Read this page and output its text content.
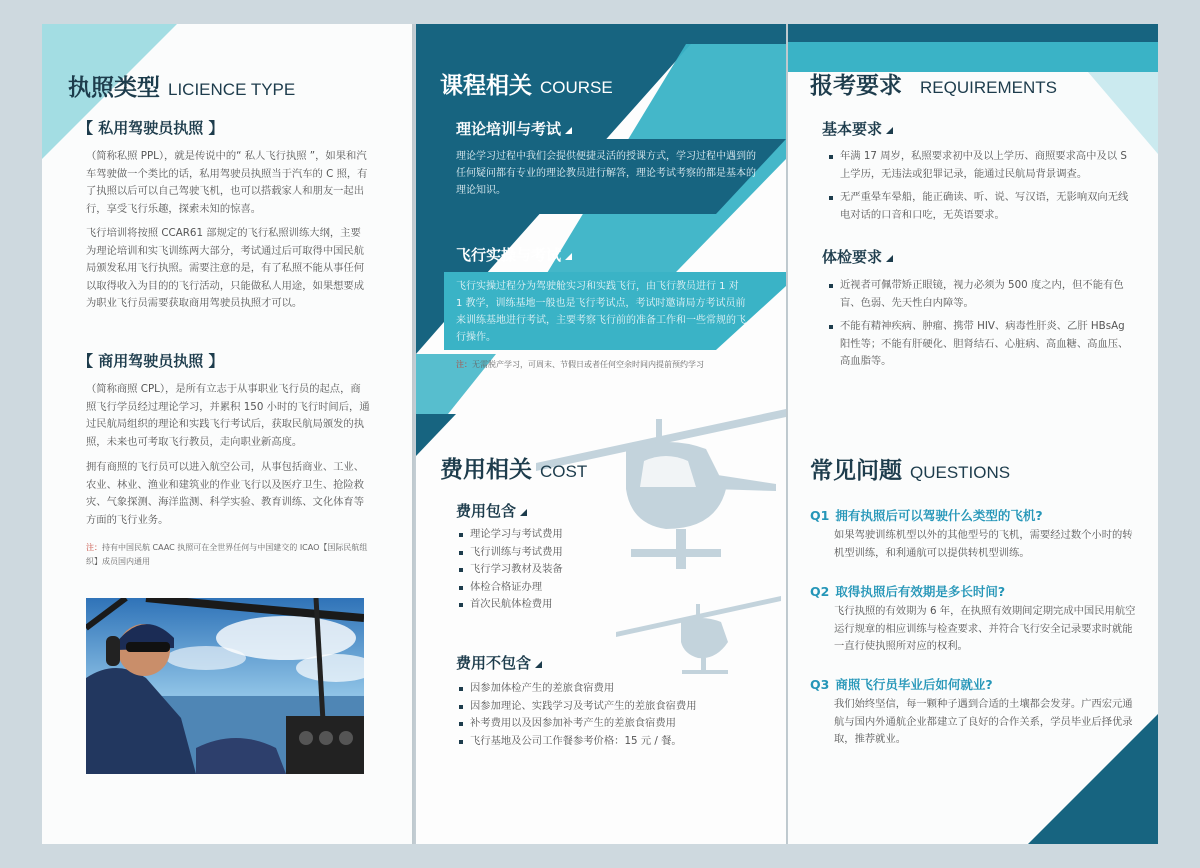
执照类型 LICIENCE TYPE
【 私用驾驶员执照 】

（简称私照 PPL），就是传说中的“ 私人飞行执照 ”，如果和汽车驾驶做一个类比的话，私用驾驶员执照当于汽车的 C 照，有了执照以后可以自己驾驶飞机，也可以搭载家人和朋友一起出行，享受飞行乐趣，探索未知的惊喜。

飞行培训将按照 CCAR61 部规定的飞行私照训练大纲，主要为理论培训和实飞训练两大部分，考试通过后可取得中国民航局颁发私用飞行执照。需要注意的是，有了私照不能从事任何以取得收入为目的的飞行活动，只能做私人用途，如果想要成为职业飞行员需要获取商用驾驶员执照才可以。

【 商用驾驶员执照 】

（简称商照 CPL），是所有立志于从事职业飞行员的起点，商照飞行学员经过理论学习，并累积 150 小时的飞行时间后，通过民航局组织的理论和实践飞行考试后，获取民航局颁发的执照，未来也可考取飞行教员，走向职业新高度。

拥有商照的飞行员可以进入航空公司，从事包括商业、工业、农业、林业、渔业和建筑业的作业飞行以及医疗卫生、抢险救灾、气象探测、海洋监测、科学实验、教育训练、文化体育等方面的飞行业务。

注：持有中国民航 CAAC 执照可在全世界任何与中国建交的 ICAO【国际民航组织】成员国内通用
课程相关 COURSE
理论培训与考试

理论学习过程中我们会提供便捷灵活的授课方式，学习过程中遇到的任何疑问都有专业的理论教员进行解答，理论考试考察的都是基本的理论知识。

飞行实操与考试

飞行实操过程分为驾驶舱实习和实践飞行，由飞行教员进行 1 对 1 教学，训练基地一般也是飞行考试点，考试时邀请局方考试员前来训练基地进行考试，主要考察飞行前的准备工作和一些常规的飞行操作。

注：无需脱产学习，可周末、节假日或者任何空余时间内提前预约学习
费用相关 COST
费用包含
理论学习与考试费用
飞行训练与考试费用
飞行学习教材及装备
体检合格证办理
首次民航体检费用
费用不包含
因参加体检产生的差旅食宿费用
因参加理论、实践学习及考试产生的差旅食宿费用
补考费用以及因参加补考产生的差旅食宿费用
飞行基地及公司工作餐参考价格：15 元 / 餐。
报考要求 REQUIREMENTS
基本要求
年满 17 周岁，私照要求初中及以上学历、商照要求高中及以 S 上学历，无违法或犯罪记录，能通过民航局背景调查。
无严重晕车晕船，能正确读、听、说、写汉语，无影响双向无线电对话的口音和口吃，无英语要求。
体检要求
近视者可佩带矫正眼镜，视力必须为 500 度之内，但不能有色盲、色弱、先天性白内障等。
不能有精神疾病、肿瘤、携带 HIV、病毒性肝炎、乙肝 HBsAg 阳性等；不能有肝硬化、胆肾结石、心脏病、高血糖、高血压、高血脂等。
常见问题 QUESTIONS
Q1 拥有执照后可以驾驶什么类型的飞机?

如果驾驶训练机型以外的其他型号的飞机，需要经过数个小时的转机型训练，和利通航可以提供转机型训练。

Q2 取得执照后有效期是多长时间?

飞行执照的有效期为 6 年，在执照有效期间定期完成中国民用航空运行规章的相应训练与检查要求、并符合飞行安全记录要求时就能一直行使执照所对应的权利。

Q3 商照飞行员毕业后如何就业?

我们始终坚信，每一颗种子遇到合适的土壤都会发芽。广西宏元通航与国内外通航企业都建立了良好的合作关系，学员毕业后择优录取，推荐就业。
